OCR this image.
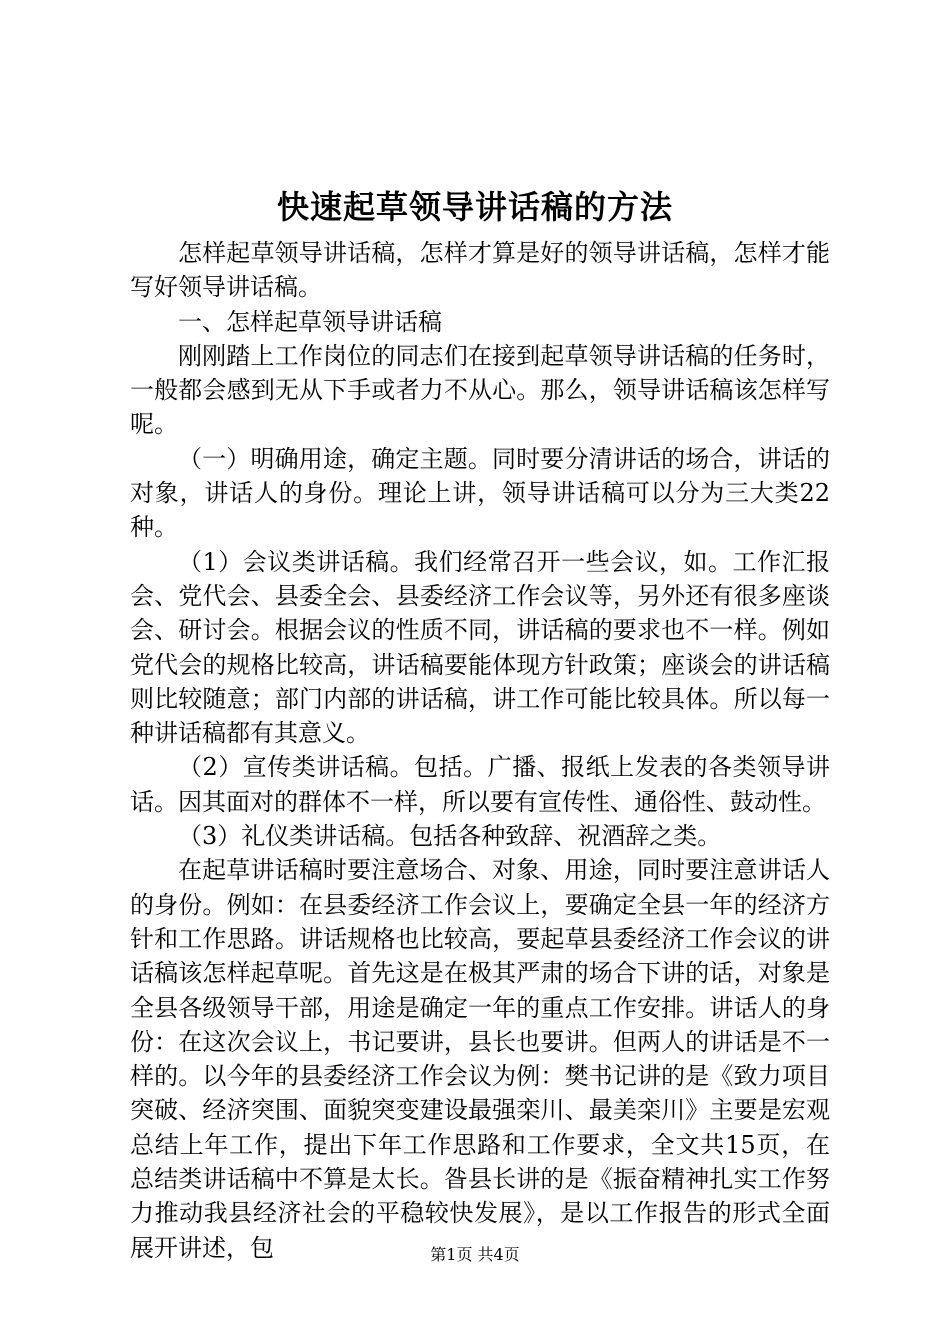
快速起草领导讲话稿的方法

怎样起草领导讲话稿，怎样才算是好的领导讲话稿，怎样才能写好领导讲话稿。

一、怎样起草领导讲话稿

刚刚踏上工作岗位的同志们在接到起草领导讲话稿的任务时，一般都会感到无从下手或者力不从心。那么，领导讲话稿该怎样写呢。

（一）明确用途，确定主题。同时要分清讲话的场合，讲话的对象，讲话人的身份。理论上讲，领导讲话稿可以分为三大类22种。

（1）会议类讲话稿。我们经常召开一些会议，如。工作汇报会、党代会、县委全会、县委经济工作会议等，另外还有很多座谈会、研讨会。根据会议的性质不同，讲话稿的要求也不一样。例如党代会的规格比较高，讲话稿要能体现方针政策；座谈会的讲话稿则比较随意；部门内部的讲话稿，讲工作可能比较具体。所以每一种讲话稿都有其意义。

（2）宣传类讲话稿。包括。广播、报纸上发表的各类领导讲话。因其面对的群体不一样，所以要有宣传性、通俗性、鼓动性。

（3）礼仪类讲话稿。包括各种致辞、祝酒辞之类。

在起草讲话稿时要注意场合、对象、用途，同时要注意讲话人的身份。例如：在县委经济工作会议上，要确定全县一年的经济方针和工作思路。讲话规格也比较高，要起草县委经济工作会议的讲话稿该怎样起草呢。首先这是在极其严肃的场合下讲的话，对象是全县各级领导干部，用途是确定一年的重点工作安排。讲话人的身份：在这次会议上，书记要讲，县长也要讲。但两人的讲话是不一样的。以今年的县委经济工作会议为例：樊书记讲的是《致力项目突破、经济突围、面貌突变建设最强栾川、最美栾川》主要是宏观总结上年工作，提出下年工作思路和工作要求，全文共15页，在总结类讲话稿中不算是太长。昝县长讲的是《振奋精神扎实工作努力推动我县经济社会的平稳较快发展》，是以工作报告的形式全面展开讲述，包	第1页 共4页
